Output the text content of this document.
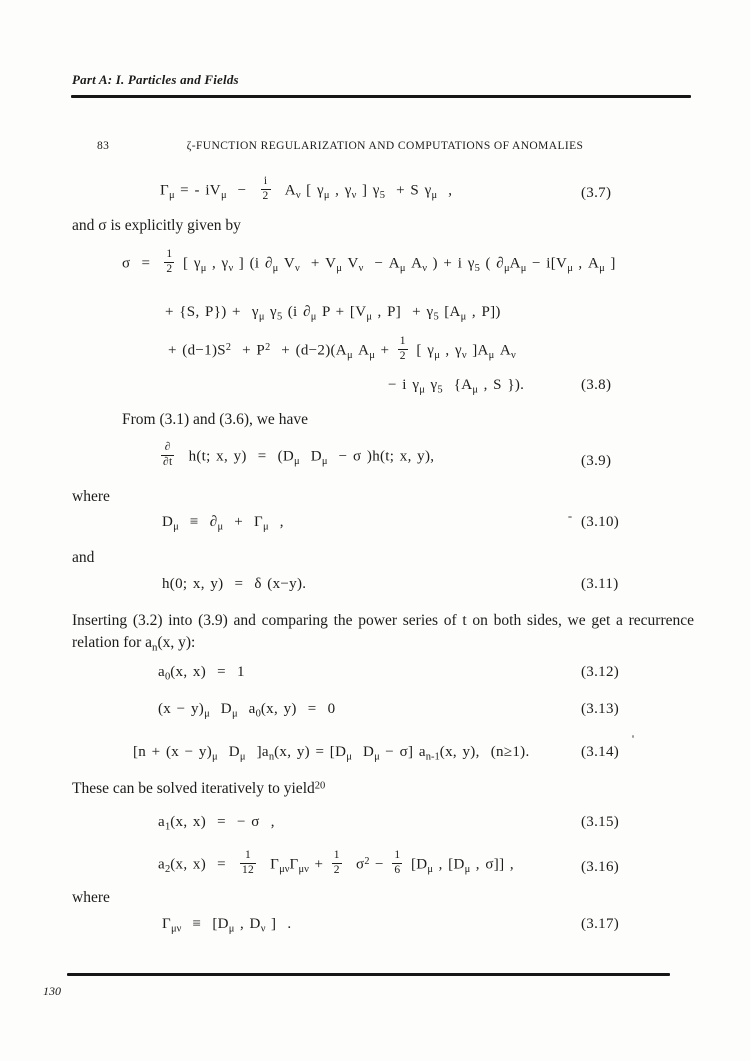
Part A: I. Particles and Fields
83	ζ-FUNCTION REGULARIZATION AND COMPUTATIONS OF ANOMALIES
$\Gamma_\mu$ = - $iV_\mu - \frac{i}{2} A_\nu$ [ $\gamma_\mu$ , $\gamma_\nu$ ] $\gamma_5 + S$ $\gamma_\mu$  ,	(3.7)
and σ is explicitly given by
$\sigma = \frac{1}{2}$ [ $\gamma_\mu$ , $\gamma_\nu$ ] (i $\partial_\mu$ $V_\nu + V_\mu$ $V_\nu - A_\mu$ $A_\nu$ ) + i $\gamma_5$ ( $\partial_\mu A_\mu - i[V_\mu$ , $A_\mu$ ]
+ {S, $P\}) + \gamma_\mu$ $\gamma_5$ (i $\partial_\mu$ $P + [V_\mu$ , $P] + \gamma_5$ [$A_\mu$ , P])
+ $(d-1)S^2 + P^2 + (d-2)(A_\mu$ $A_\mu + \frac{1}{2}$ [ $\gamma_\mu$ , $\gamma_\nu$ ]$A_\mu$ $A_\nu$
− i $\gamma_\mu$ $\gamma_5$  {$A_\mu$ , S }).	(3.8)
From (3.1) and (3.6), we have
$\frac{\partial}{\partial t} h(t$; x, $y) = (D_\mu$  $D_\mu - \sigma$ )h(t; x, y),	(3.9)
where
$D_\mu \equiv \partial_\mu + \Gamma_\mu$  ,	(3.10)
and
h(0; x, y)  =  δ (x−y).	(3.11)
Inserting (3.2) into (3.9) and comparing the power series of t on both sides, we get a recurrence relation for $a_n(x$, y):
$a_0(x$, x)  =  1	(3.12)
$(x - y)_\mu$  $D_\mu$  $a_0(x$, y)  =  0	(3.13)
[$n + (x - y)_\mu$  $D_\mu$  ]$a_n(x$, $y) = [D_\mu$  $D_\mu - \sigma$] $a_{n-1}(x$, y),  (n≥1).	(3.14)
These can be solved iteratively to yield$^{20}$
$a_1(x$, x)  =  − σ  ,	(3.15)
$a_2(x$, $x) = \frac{1}{12} \Gamma_{\mu\nu}\Gamma_{\mu\nu} + \frac{1}{2} \sigma^2 - \frac{1}{6} [D_\mu$ , [$D_\mu$ , σ]] ,	(3.16)
where
$\Gamma_{\mu\nu} \equiv [D_\mu$ , $D_\nu$ ]  .	(3.17)
130
